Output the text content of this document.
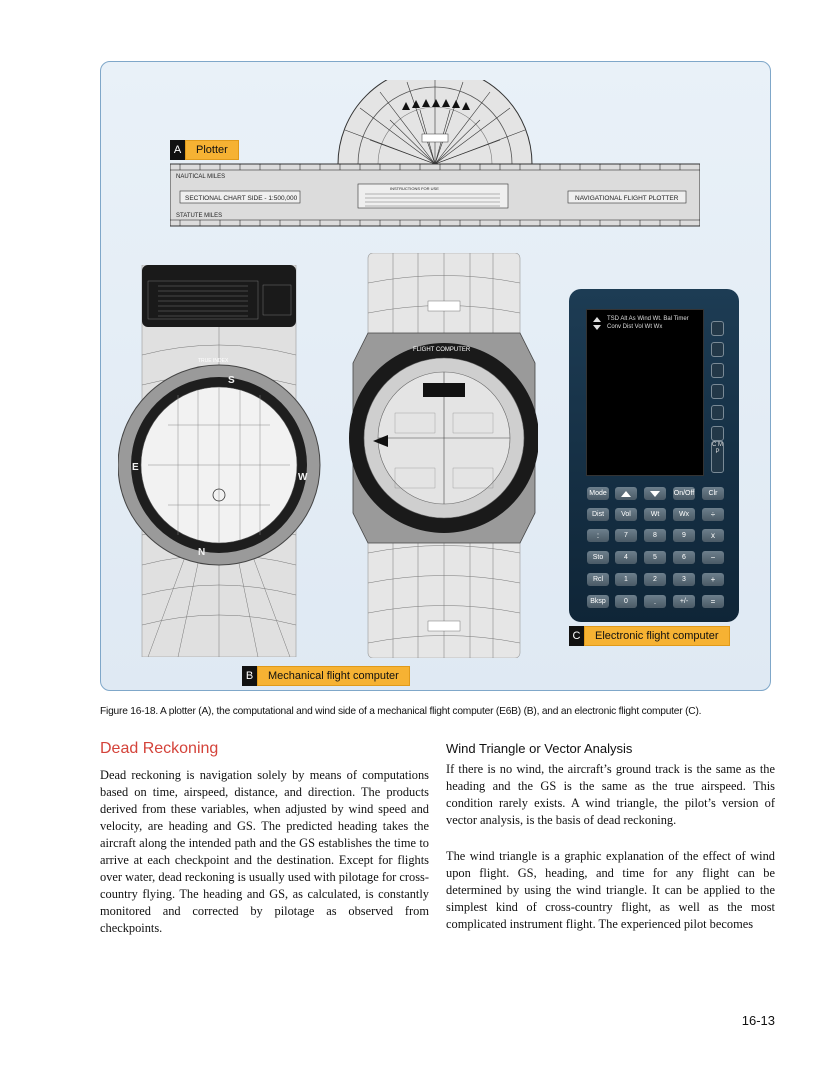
NAUTICAL MILES
STATUTE MILES
SECTIONAL CHART SIDE - 1:500,000
INSTRUCTIONS FOR USE
NAVIGATIONAL FLIGHT PLOTTER
A	Plotter
TRUE INDEX
S
E
W
N
FLIGHT COMPUTER
B	Mechanical flight computer
TSD Alt As Wind Wt. Bal Timer
Conv Dist Vol Wt Wx
C M P
Mode	On/Off	Clr
Dist	Vol	Wt	Wx	÷
:	7	8	9	x
Sto	4	5	6	−
Rcl	1	2	3	+
Bksp	0	.	+/-	=
C	Electronic flight computer
Figure 16-18. A plotter (A), the computational and wind side of a mechanical flight computer (E6B) (B), and an electronic flight computer (C).
Dead Reckoning

Dead reckoning is navigation solely by means of computations based on time, airspeed, distance, and direction. The products derived from these variables, when adjusted by wind speed and velocity, are heading and GS. The predicted heading takes the aircraft along the intended path and the GS establishes the time to arrive at each checkpoint and the destination. Except for flights over water, dead reckoning is usually used with pilotage for cross-country flying. The heading and GS, as calculated, is constantly monitored and corrected by pilotage as observed from checkpoints.

Wind Triangle or Vector Analysis

If there is no wind, the aircraft’s ground track is the same as the heading and the GS is the same as the true airspeed. This condition rarely exists. A wind triangle, the pilot’s version of vector analysis, is the basis of dead reckoning.

The wind triangle is a graphic explanation of the effect of wind upon flight. GS, heading, and time for any flight can be determined by using the wind triangle. It can be applied to the simplest kind of cross-country flight, as well as the most complicated instrument flight. The experienced pilot becomes

16-13
